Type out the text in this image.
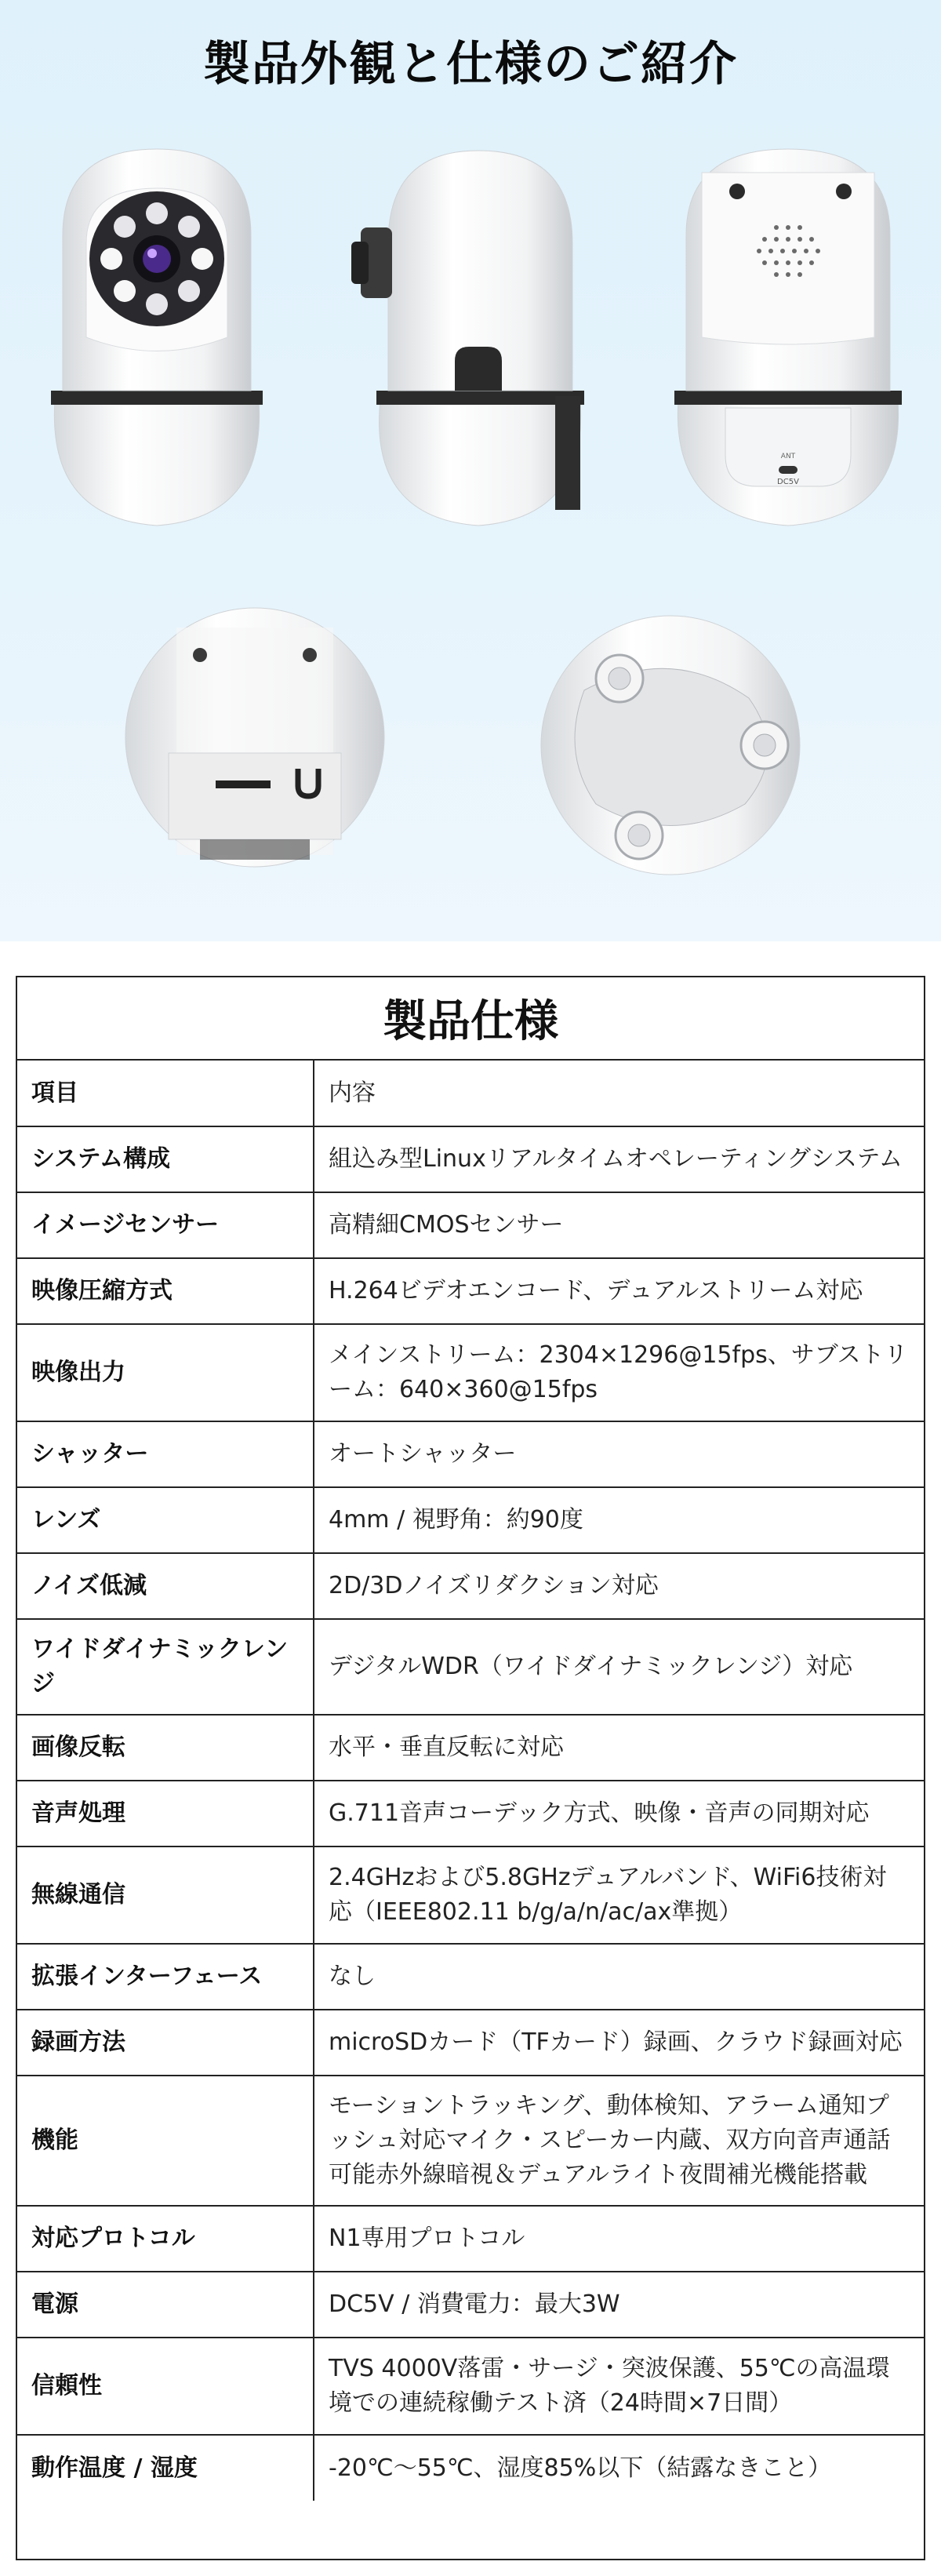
製品外観と仕様のご紹介
ANT
DC5V
製品仕様
項目	内容
システム構成	組込み型Linuxリアルタイムオペレーティングシステム
イメージセンサー	高精細CMOSセンサー
映像圧縮方式	H.264ビデオエンコード、デュアルストリーム対応
映像出力	メインストリーム：2304×1296@15fps、サブストリーム：640×360@15fps
シャッター	オートシャッター
レンズ	4mm / 視野角：約90度
ノイズ低減	2D/3Dノイズリダクション対応
ワイドダイナミックレンジ	デジタルWDR（ワイドダイナミックレンジ）対応
画像反転	水平・垂直反転に対応
音声処理	G.711音声コーデック方式、映像・音声の同期対応
無線通信	2.4GHzおよび5.8GHzデュアルバンド、WiFi6技術対応（IEEE802.11 b/g/a/n/ac/ax準拠）
拡張インターフェース	なし
録画方法	microSDカード（TFカード）録画、クラウド録画対応
機能	モーショントラッキング、動体検知、アラーム通知プッシュ対応マイク・スピーカー内蔵、双方向音声通話可能赤外線暗視＆デュアルライト夜間補光機能搭載
対応プロトコル	N1専用プロトコル
電源	DC5V / 消費電力：最大3W
信頼性	TVS 4000V落雷・サージ・突波保護、55℃の高温環境での連続稼働テスト済（24時間×7日間）
動作温度 / 湿度	-20℃〜55℃、湿度85%以下（結露なきこと）
